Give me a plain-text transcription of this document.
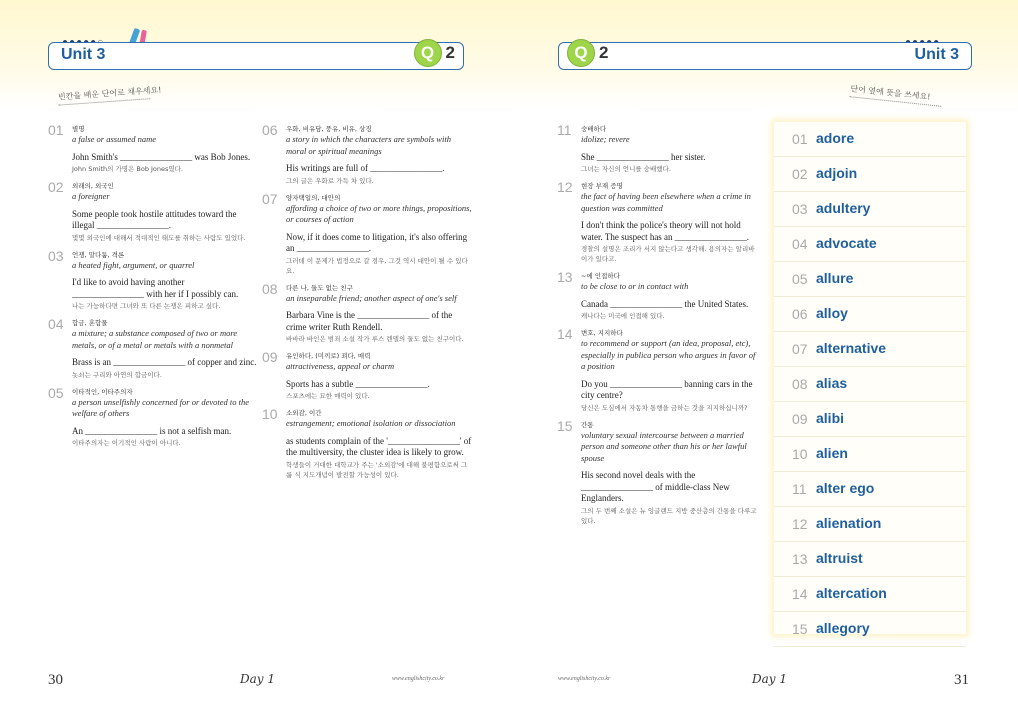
Unit 3	Q 2	Q 2	Unit 3
빈칸을 배운 단어로 채우세요!	단어 옆에 뜻을 쓰세요!
01 별명
a false or assumed name
John Smith's ________________ was Bob Jones.
John Smith의 가명은 Bob Jones였다.
02 외래의, 외국인
a foreigner
Some people took hostile attitudes toward the illegal ________________.
몇몇 외국인에 대해서 적대적인 태도를 취하는 사람도 있었다.
03 언쟁, 말다툼, 격론
a heated fight, argument, or quarrel
I'd like to avoid having another ________________ with her if I possibly can.
나는 가능하다면 그녀와 또 다른 논쟁은 피하고 싶다.
04 합금, 혼합물
a mixture; a substance composed of two or more metals, or of a metal or metals with a nonmetal
Brass is an ________________ of copper and zinc.
놋쇠는 구리와 아연의 합금이다.
05 이타적인, 이타주의자
a person unselfishly concerned for or devoted to the welfare of others
An ________________ is not a selfish man.
이타주의자는 이기적인 사람이 아니다.
06 우화, 비유담, 풍유, 비유, 상징
a story in which the characters are symbols with moral or spiritual meanings
His writings are full of ________________.
그의 글은 우화로 가득 차 있다.
07 양자택일의, 대안의
affording a choice of two or more things, propositions, or courses of action
Now, if it does come to litigation, it's also offering an ________________.
그러데 이 문제가 법정으로 갈 경우, 그것 역시 대안이 될 수 있다요.
08 다른 나, 둘도 없는 친구
an inseparable friend; another aspect of one's self
Barbara Vine is the ________________ of the crime writer Ruth Rendell.
바바라 바인은 범죄 소설 작가 루스 렌델의 둘도 없는 친구이다.
09 유인하다, (미끼로) 꾀다, 매력
attractiveness, appeal or charm
Sports has a subtle ________________.
스포츠에는 묘한 매력이 있다.
10 소외감, 이간
estrangement; emotional isolation or dissociation
as students complain of the '________________' of the multiversity, the cluster idea is likely to grow.
학생들이 거대한 대학교가 주는 '소외감'에 대해 불평함으로써 그룹 식 지도개념이 발전할 가능성이 있다.
11 숭배하다
idolize; revere
She ________________ her sister.
그녀는 자신의 언니를 숭배했다.
12 현장 부재 증명
the fact of having been elsewhere when a crime in question was committed
I don't think the police's theory will not hold water. The suspect has an ________________.
경찰의 설명은 조리가 서지 않는다고 생각해. 용의자는 알리바이가 있다고.
13 ~에 인접하다
to be close to or in contact with
Canada ________________ the United States.
캐나다는 미국에 인접해 있다.
14 변호, 지지하다
to recommend or support (an idea, proposal, etc), especially in publica person who argues in favor of a position
Do you ________________ banning cars in the city centre?
당신은 도심에서 자동차 통행을 금하는 것을 지지하십니까?
15 간통
voluntary sexual intercourse between a married person and someone other than his or her lawful spouse
His second novel deals with the ________________ of middle-class New Englanders.
그의 두 번째 소설은 뉴 잉글랜드 지방 중산층의 간통을 다루고 있다.
01 adore
02 adjoin
03 adultery
04 advocate
05 allure
06 alloy
07 alternative
08 alias
09 alibi
10 alien
11 alter ego
12 alienation
13 altruist
14 altercation
15 allegory
30	Day 1	www.englishcity.co.kr	www.englishcity.co.kr	Day 1	31
